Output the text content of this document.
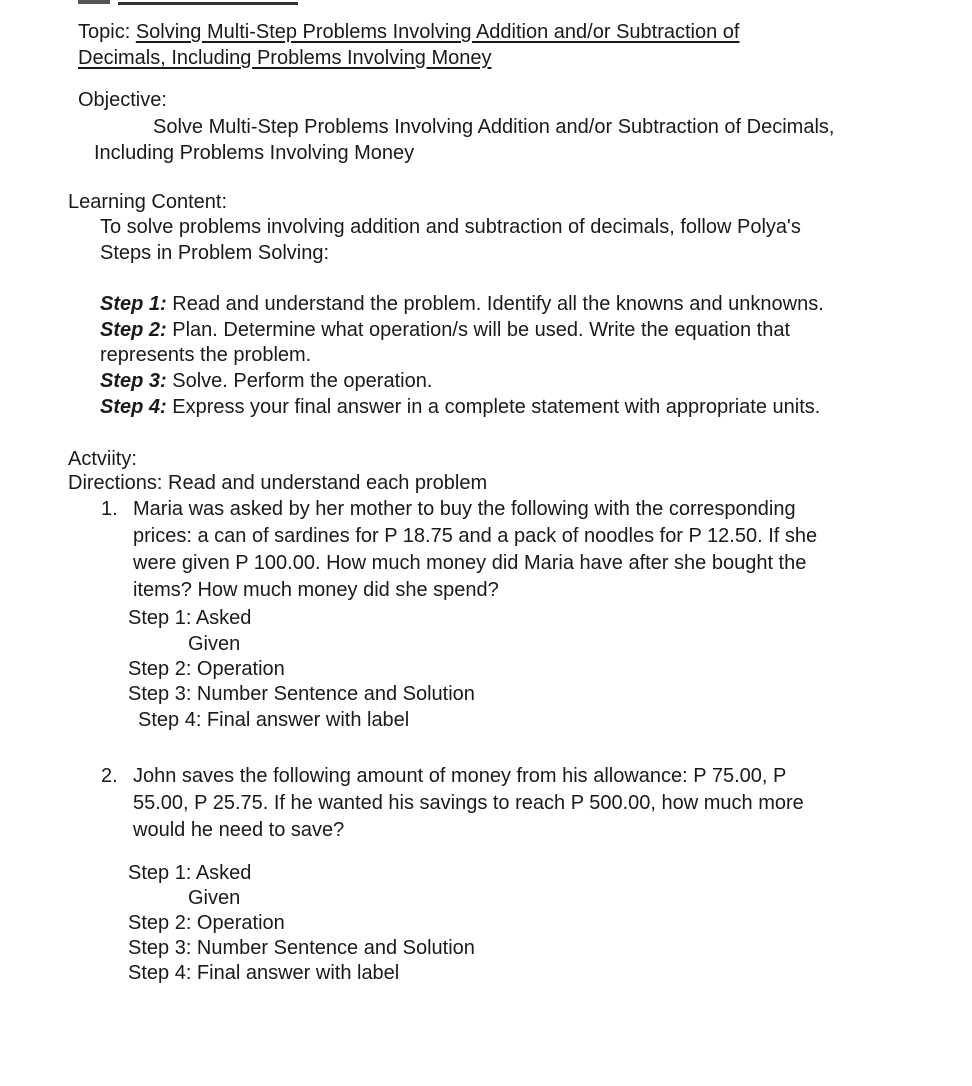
Topic: Solving Multi-Step Problems Involving Addition and/or Subtraction of
Decimals, Including Problems Involving Money
Objective:
Solve Multi-Step Problems Involving Addition and/or Subtraction of Decimals,
Including Problems Involving Money
Learning Content:
To solve problems involving addition and subtraction of decimals, follow Polya's
Steps in Problem Solving:
Step 1: Read and understand the problem. Identify all the knowns and unknowns.
Step 2: Plan. Determine what operation/s will be used. Write the equation that
represents the problem.
Step 3: Solve. Perform the operation.
Step 4: Express your final answer in a complete statement with appropriate units.
Actviity:
Directions: Read and understand each problem
1. Maria was asked by her mother to buy the following with the corresponding
prices: a can of sardines for P 18.75 and a pack of noodles for P 12.50. If she
were given P 100.00. How much money did Maria have after she bought the
items? How much money did she spend?
Step 1: Asked
Given
Step 2: Operation
Step 3: Number Sentence and Solution
Step 4: Final answer with label
2. John saves the following amount of money from his allowance: P 75.00, P
55.00, P 25.75. If he wanted his savings to reach P 500.00, how much more
would he need to save?
Step 1: Asked
Given
Step 2: Operation
Step 3: Number Sentence and Solution
Step 4: Final answer with label
